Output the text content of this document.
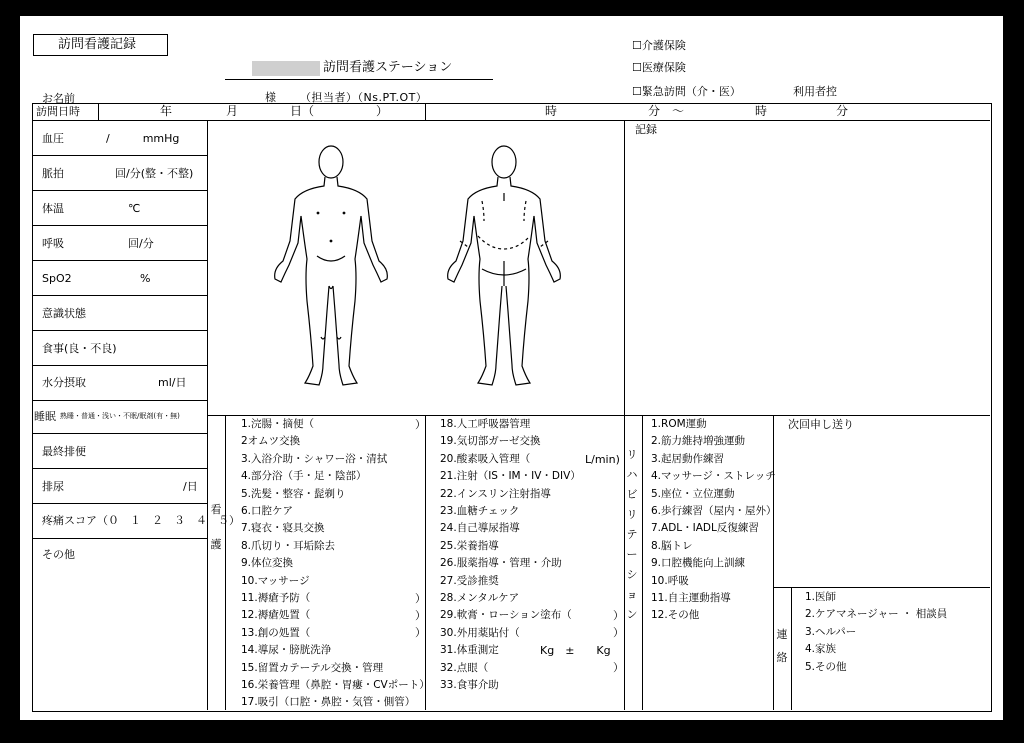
訪問看護記録
訪問看護ステーション
☐介護保険
☐医療保険
☐緊急訪問（介・医）	利用者控
お名前	様 （担当者）（Ns.PT.OT）
訪問日時	年	月	日（	）	時	分 〜	時	分
血圧	/　　　mmHg
脈拍	回/分(整・不整)
体温	℃
呼吸	回/分
SpO2	%
意識状態
食事(良・不良)
水分摂取	ml/日
睡眠 熟睡・普通・浅い・不眠/眠剤(有・無)
最終排便
排尿	/日
疼痛スコア（０　１　２　３　４　５）
その他
記録
看
護
1.浣腸・摘便（
2オムツ交換
3.入浴介助・シャワー浴・清拭
4.部分浴（手・足・陰部）
5.洗髪・整容・髭剃り
6.口腔ケア
7.寝衣・寝具交換
8.爪切り・耳垢除去
9.体位変換
10.マッサージ
11.褥瘡予防（
12.褥瘡処置（
13.創の処置（
14.導尿・膀胱洗浄
15.留置カテーテル交換・管理
16.栄養管理（鼻腔・胃瘻・CVポート）
17.吸引（口腔・鼻腔・気管・側管）
18.人工呼吸器管理
19.気切部ガーゼ交換
20.酸素吸入管理（
21.注射（IS・IM・IV・DIV）
22.インスリン注射指導
23.血糖チェック
24.自己導尿指導
25.栄養指導
26.服薬指導・管理・介助
27.受診推奨
28.メンタルケア
29.軟膏・ローション塗布（
30.外用薬貼付（
31.体重測定
32.点眼（
33.食事介助
1.ROM運動
2.筋力維持増強運動
3.起居動作練習
4.マッサージ・ストレッチ
5.座位・立位運動
6.歩行練習（屋内・屋外）
7.ADL・IADL反復練習
8.脳トレ
9.口腔機能向上訓練
10.呼吸
11.自主運動指導
12.その他
リ
ハ
ビ
リ
テ
ー
シ
ョ
ン
）
）
）
）
L/min)
）
）
Kg　±　　Kg
）
次回申し送り
連
絡
1.医師
2.ケアマネージャー ・ 相談員
3.ヘルパー
4.家族
5.その他
